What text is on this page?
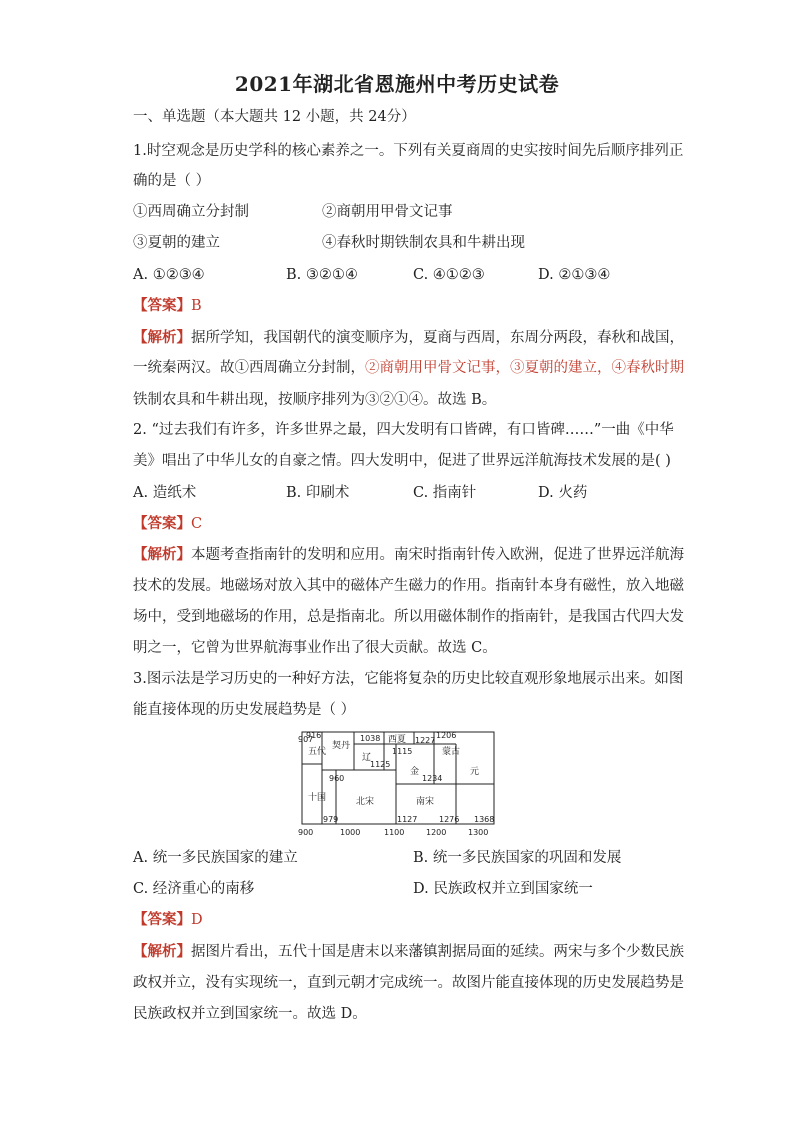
2021年湖北省恩施州中考历史试卷
一、单选题（本大题共 12 小题，共 24分）
1.时空观念是历史学科的核心素养之一。下列有关夏商周的史实按时间先后顺序排列正
确的是（ ）
①西周确立分封制	②商朝用甲骨文记事
③夏朝的建立	④春秋时期铁制农具和牛耕出现
A. ①②③④	B. ③②①④	C. ④①②③	D. ②①③④
【答案】B
【解析】据所学知，我国朝代的演变顺序为，夏商与西周，东周分两段，春秋和战国，
一统秦两汉。故①西周确立分封制，②商朝用甲骨文记事，③夏朝的建立，④春秋时期
铁制农具和牛耕出现，按顺序排列为③②①④。故选 B。
2. “过去我们有许多，许多世界之最，四大发明有口皆碑，有口皆碑……”一曲《中华
美》唱出了中华儿女的自豪之情。四大发明中，促进了世界远洋航海技术发展的是( )
A. 造纸术	B. 印刷术	C. 指南针	D. 火药
【答案】C
【解析】本题考查指南针的发明和应用。南宋时指南针传入欧洲，促进了世界远洋航海
技术的发展。地磁场对放入其中的磁体产生磁力的作用。指南针本身有磁性，放入地磁
场中，受到地磁场的作用，总是指南北。所以用磁体制作的指南针，是我国古代四大发
明之一，它曾为世界航海事业作出了很大贡献。故选 C。
3.图示法是学习历史的一种好方法，它能将复杂的历史比较直观形象地展示出来。如图
能直接体现的历史发展趋势是（ ）
907
916	1038	1227
1206
1115
1125
960	1234
979	1127	1276 1368
契丹
辽
西夏
蒙古
金	元
五代
十国	北宋	南宋
900	1000	1100	1200	1300
A. 统一多民族国家的建立	B. 统一多民族国家的巩固和发展
C. 经济重心的南移	D. 民族政权并立到国家统一
【答案】D
【解析】据图片看出，五代十国是唐末以来藩镇割据局面的延续。两宋与多个少数民族
政权并立，没有实现统一，直到元朝才完成统一。故图片能直接体现的历史发展趋势是
民族政权并立到国家统一。故选 D。
